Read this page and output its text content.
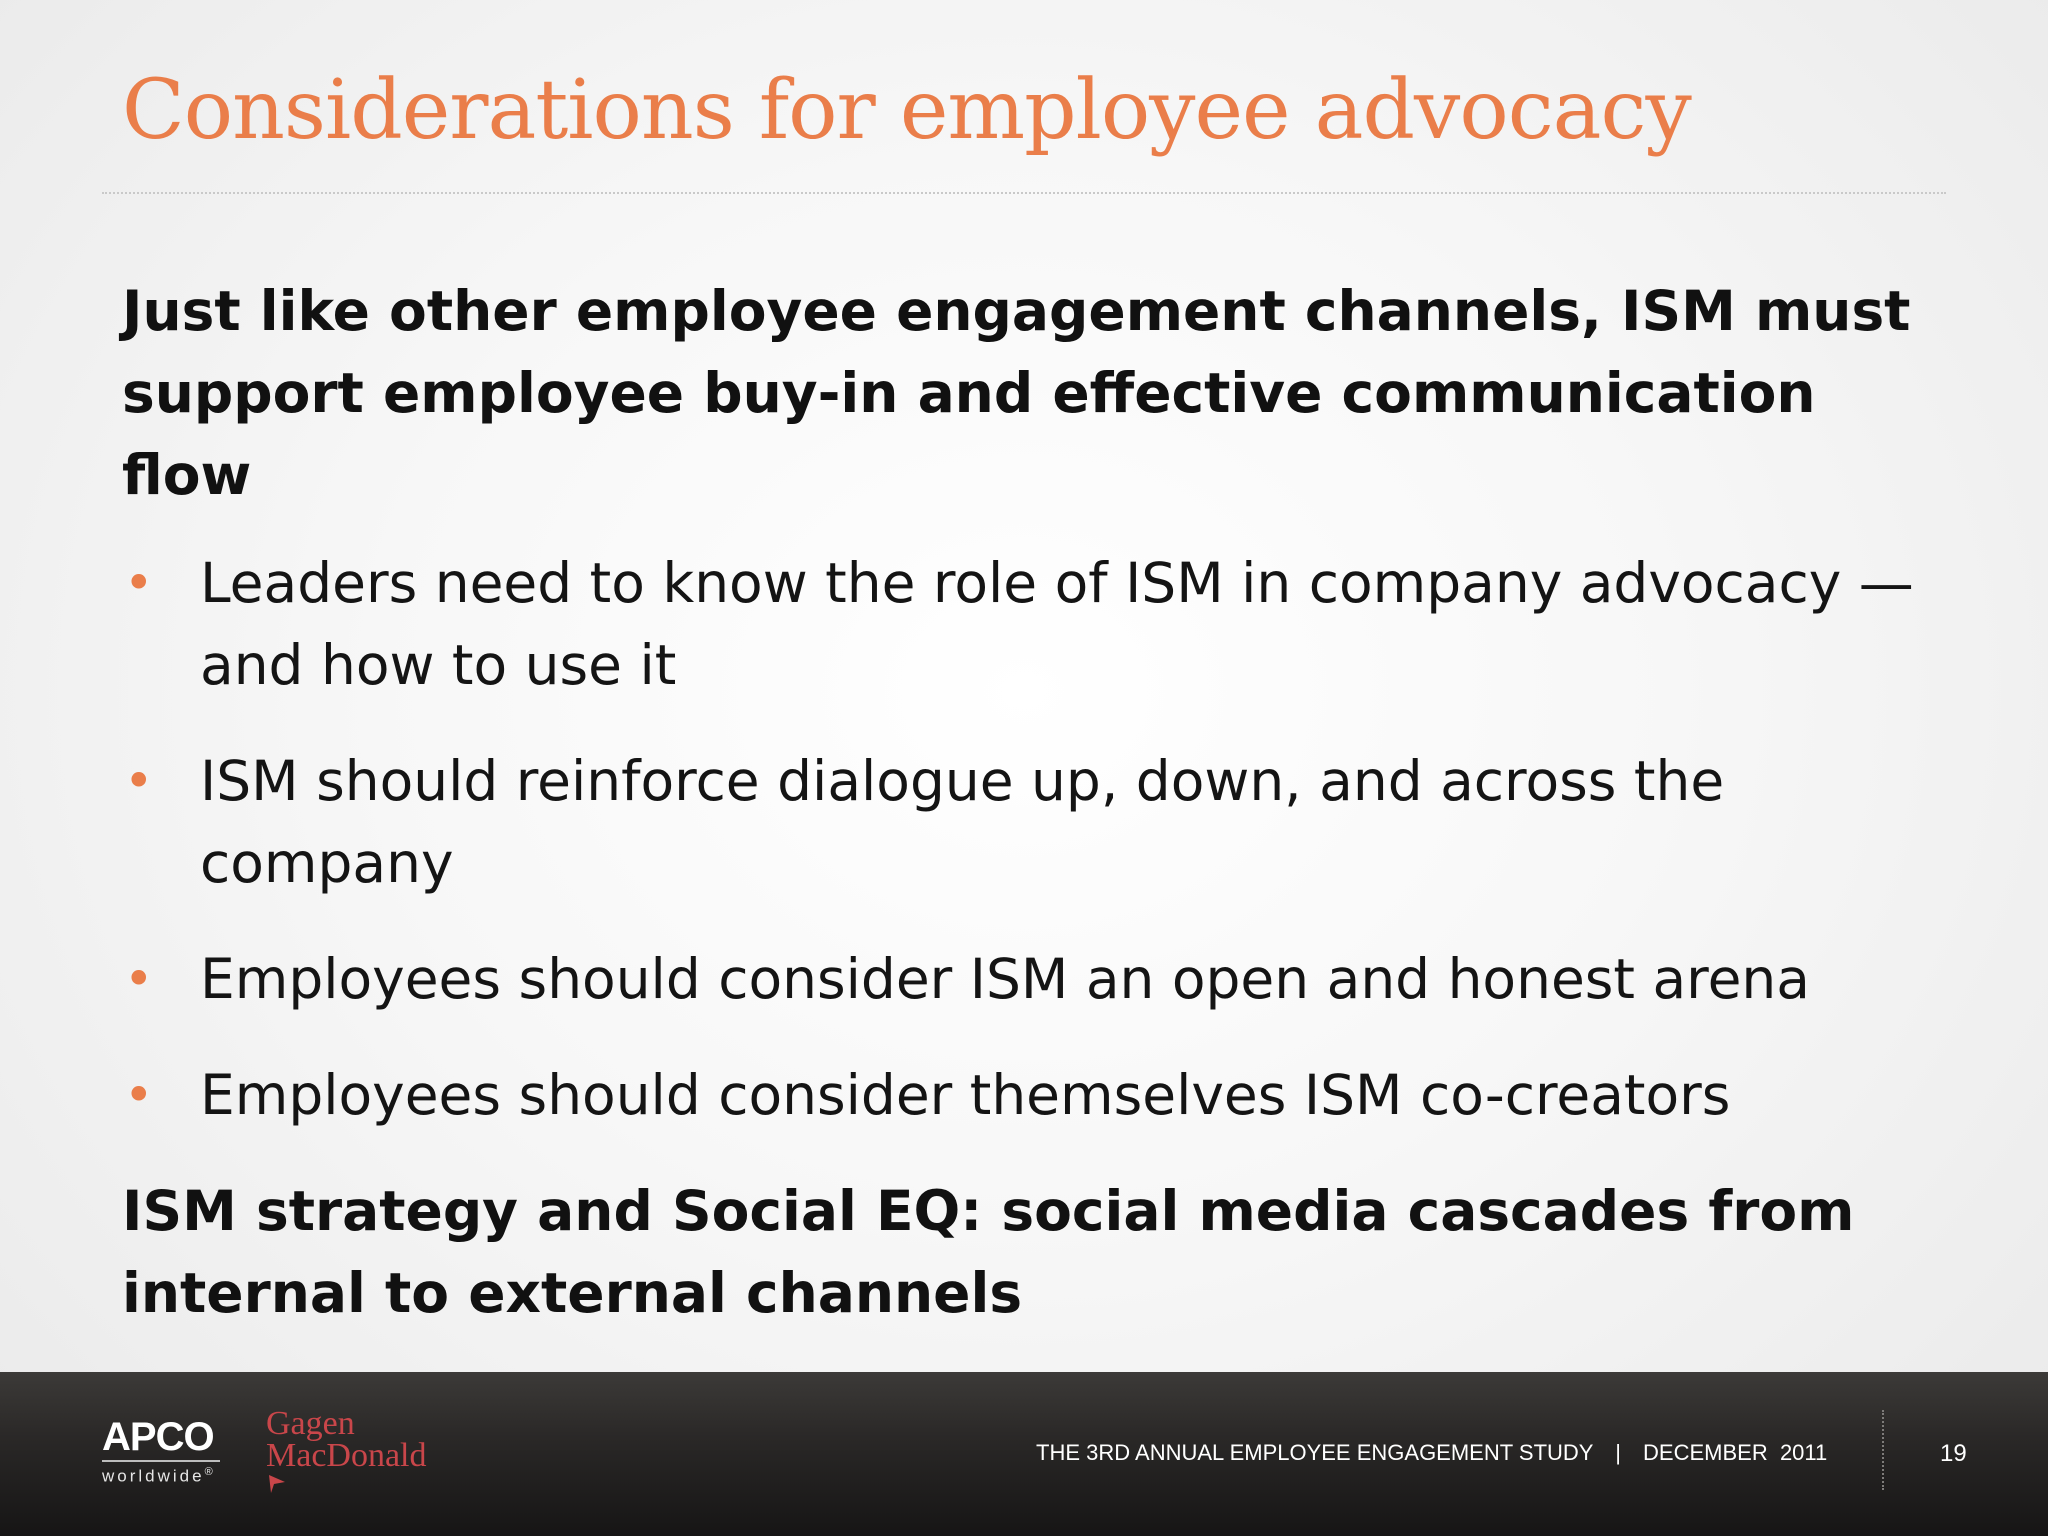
Considerations for employee advocacy

Just like other employee engagement channels, ISM must support employee buy-in and effective communication flow

• Leaders need to know the role of ISM in company advocacy — and how to use it
• ISM should reinforce dialogue up, down, and across the company
• Employees should consider ISM an open and honest arena
• Employees should consider themselves ISM co-creators

ISM strategy and Social EQ: social media cascades from internal to external channels

APCO
worldwide®
Gagen
MacDonald	THE 3RD ANNUAL EMPLOYEE ENGAGEMENT STUDY | DECEMBER  2011	19
